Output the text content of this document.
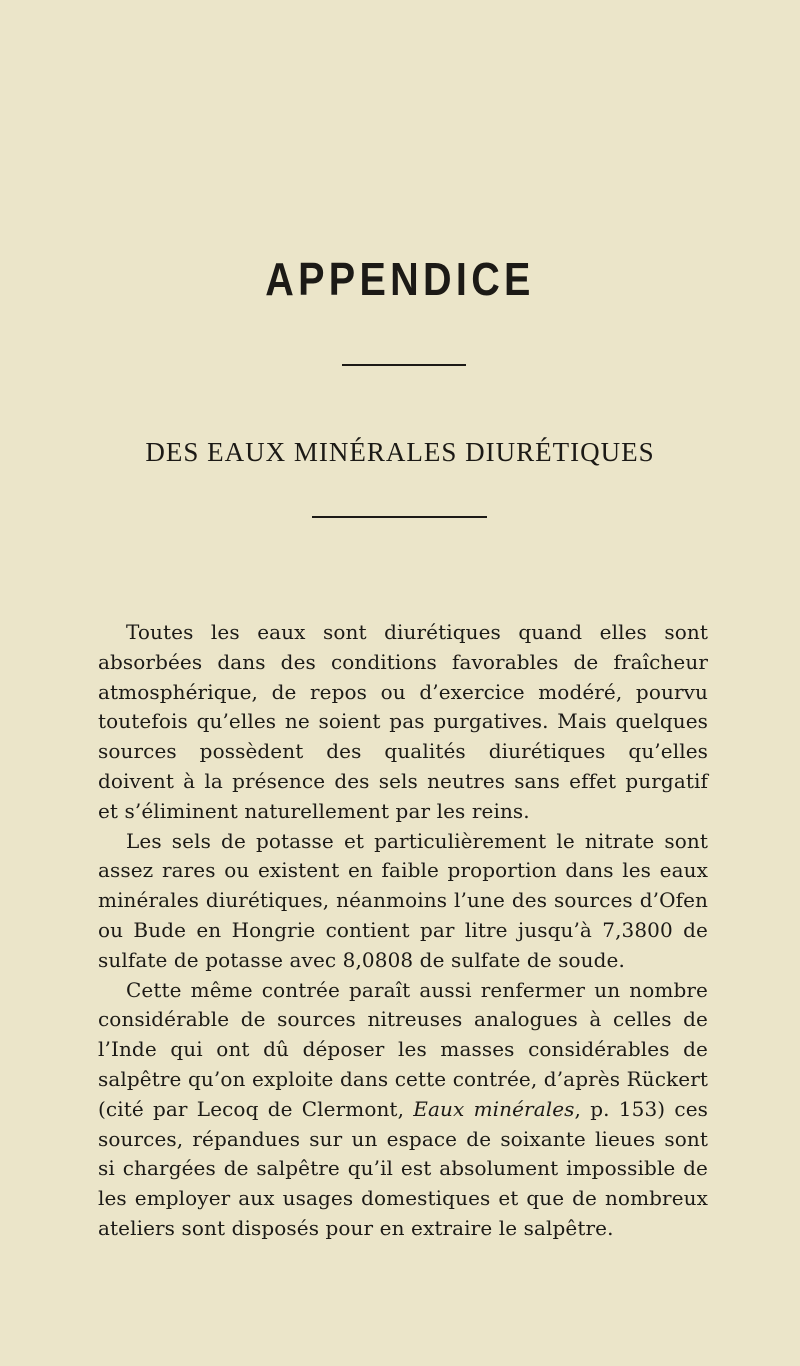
APPENDICE
DES EAUX MINÉRALES DIURÉTIQUES

Toutes les eaux sont diurétiques quand elles sont absorbées dans des conditions favorables de fraîcheur atmosphérique, de repos ou d’exercice modéré, pourvu toutefois qu’elles ne soient pas purgatives. Mais quelques sources possèdent des qualités diurétiques qu’elles doivent à la présence des sels neutres sans effet purgatif et s’éliminent naturellement par les reins.

Les sels de potasse et particulièrement le nitrate sont assez rares ou existent en faible proportion dans les eaux minérales diurétiques, néanmoins l’une des sources d’Ofen ou Bude en Hongrie contient par litre jusqu’à 7,3800 de sulfate de potasse avec 8,0808 de sulfate de soude.

Cette même contrée paraît aussi renfermer un nombre considérable de sources nitreuses analogues à celles de l’Inde qui ont dû déposer les masses considérables de salpêtre qu’on exploite dans cette contrée, d’après Rückert (cité par Lecoq de Clermont, Eaux minérales, p. 153) ces sources, répandues sur un espace de soixante lieues sont si chargées de salpêtre qu’il est absolument impossible de les employer aux usages domestiques et que de nombreux ateliers sont disposés pour en extraire le salpêtre.
